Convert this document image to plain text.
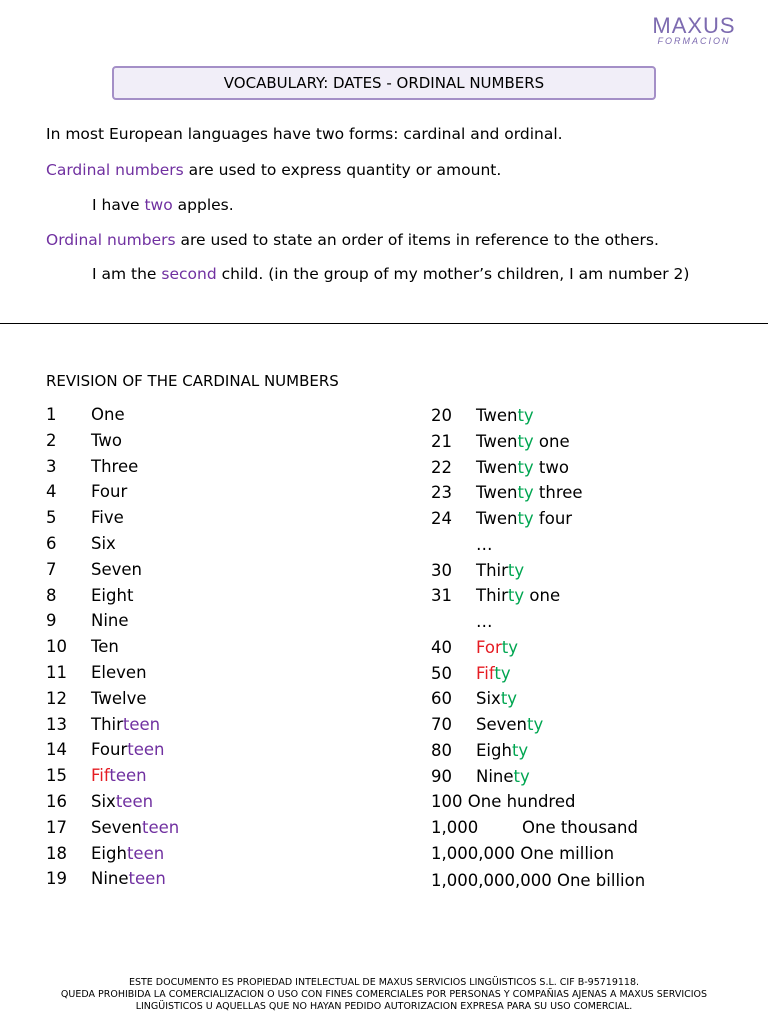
MAXUS
FORMACION
VOCABULARY: DATES - ORDINAL NUMBERS
In most European languages have two forms: cardinal and ordinal.
Cardinal numbers are used to express quantity or amount.
I have two apples.
Ordinal numbers are used to state an order of items in reference to the others.
I am the second child. (in the group of my mother’s children, I am number 2)
REVISION OF THE CARDINAL NUMBERS
1 One
2 Two
3 Three
4 Four
5 Five
6 Six
7 Seven
8 Eight
9 Nine
10 Ten
11 Eleven
12 Twelve
13 Thirteen
14 Fourteen
15 Fifteen
16 Sixteen
17 Seventeen
18 Eighteen
19 Nineteen
20 Twenty
21 Twenty one
22 Twenty two
23 Twenty three
24 Twenty four
…
30 Thirty
31 Thirty one
…
40 Forty
50 Fifty
60 Sixty
70 Seventy
80 Eighty
90 Ninety
100 One hundred
1,000	One thousand
1,000,000 One million
1,000,000,000 One billion
ESTE DOCUMENTO ES PROPIEDAD INTELECTUAL DE MAXUS SERVICIOS LINGÜISTICOS S.L. CIF B-95719118.
QUEDA PROHIBIDA LA COMERCIALIZACION O USO CON FINES COMERCIALES POR PERSONAS Y COMPAÑIAS AJENAS A MAXUS SERVICIOS
LINGÜISTICOS U AQUELLAS QUE NO HAYAN PEDIDO AUTORIZACION EXPRESA PARA SU USO COMERCIAL.
